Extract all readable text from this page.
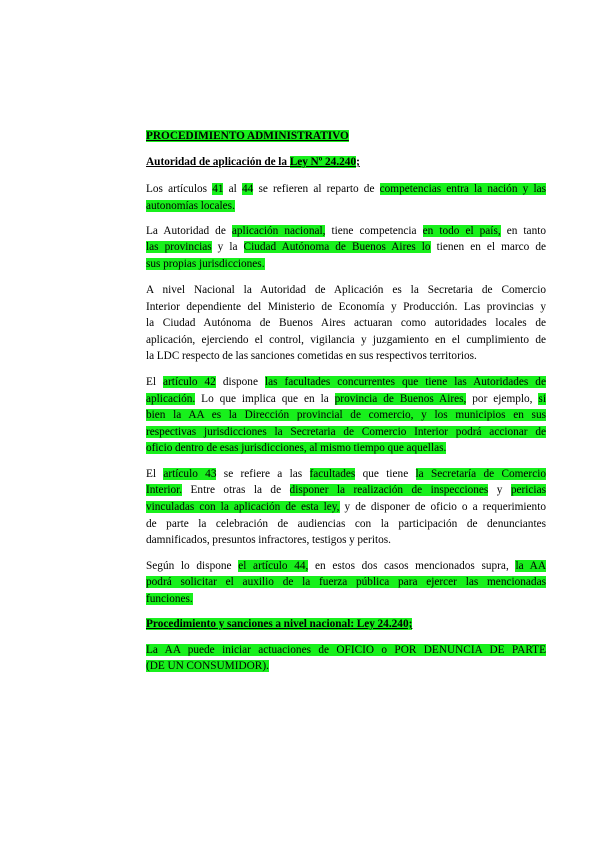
PROCEDIMIENTO ADMINISTRATIVO
Autoridad de aplicación de la Ley Nº 24.240;
Los artículos 41 al 44 se refieren al reparto de competencias entra la nación y las
autonomías locales.
La Autoridad de aplicación nacional, tiene competencia en todo el país, en tanto
las provincias y la Ciudad Autónoma de Buenos Aires lo tienen en el marco de
sus propias jurisdicciones.
A nivel Nacional la Autoridad de Aplicación es la Secretaria de Comercio
Interior dependiente del Ministerio de Economía y Producción. Las provincias y
la Ciudad Autónoma de Buenos Aires actuaran como autoridades locales de
aplicación, ejerciendo el control, vigilancia y juzgamiento en el cumplimiento de
la LDC respecto de las sanciones cometidas en sus respectivos territorios.
El artículo 42 dispone las facultades concurrentes que tiene las Autoridades de
aplicación. Lo que implica que en la provincia de Buenos Aires, por ejemplo, si
bien la AA es la Dirección provincial de comercio, y los municipios en sus
respectivas jurisdicciones la Secretaria de Comercio Interior podrá accionar de
oficio dentro de esas jurisdicciones, al mismo tiempo que aquellas.
El artículo 43 se refiere a las facultades que tiene la Secretaría de Comercio
Interior. Entre otras la de disponer la realización de inspecciones y pericias
vinculadas con la aplicación de esta ley, y de disponer de oficio o a requerimiento
de parte la celebración de audiencias con la participación de denunciantes
damnificados, presuntos infractores, testigos y peritos.
Según lo dispone el artículo 44, en estos dos casos mencionados supra, la AA
podrá solicitar el auxilio de la fuerza pública para ejercer las mencionadas
funciones.
Procedimiento y sanciones a nivel nacional: Ley 24.240;
La AA puede iniciar actuaciones de OFICIO o POR DENUNCIA DE PARTE
(DE UN CONSUMIDOR).
